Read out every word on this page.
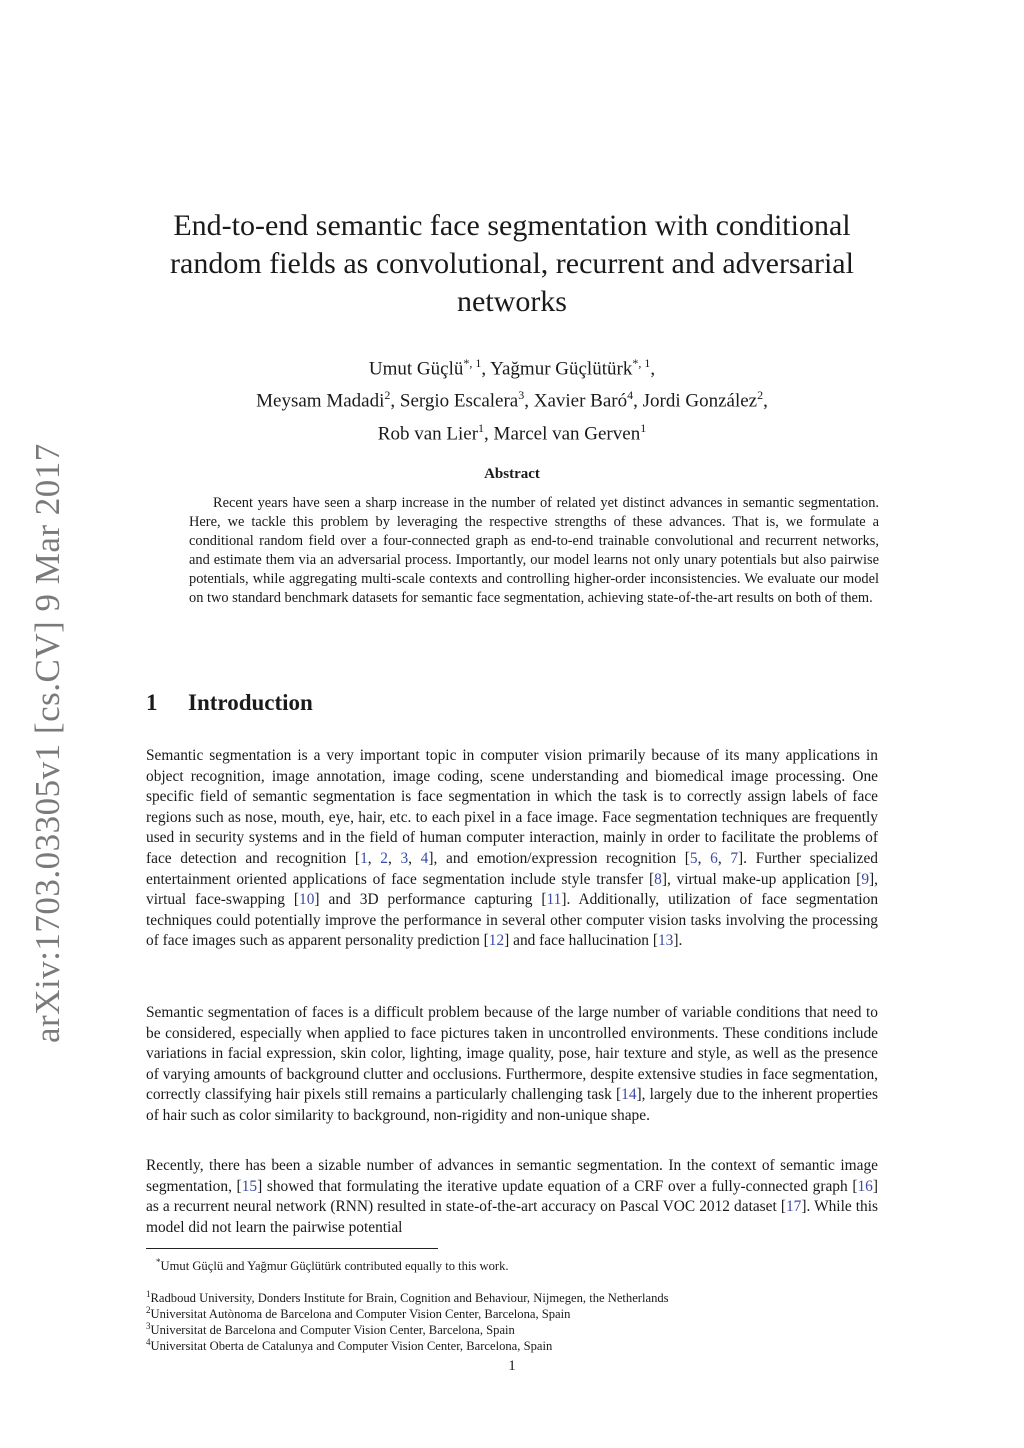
arXiv:1703.03305v1 [cs.CV] 9 Mar 2017
End-to-end semantic face segmentation with conditional
random fields as convolutional, recurrent and adversarial
networks
Umut Güçlü$^{*, 1}$, Yağmur Güçlütürk$^{*, 1}$,
Meysam Madadi$^2$, Sergio Escalera$^3$, Xavier Baró$^4$, Jordi González$^2$,
Rob van Lier$^1$, Marcel van Gerven$^1$
Abstract

Recent years have seen a sharp increase in the number of related yet distinct advances in semantic segmentation. Here, we tackle this problem by leveraging the respective strengths of these advances. That is, we formulate a conditional random field over a four-connected graph as end-to-end trainable convolutional and recurrent networks, and estimate them via an adversarial process. Importantly, our model learns not only unary potentials but also pairwise potentials, while aggregating multi-scale contexts and controlling higher-order inconsistencies. We evaluate our model on two standard benchmark datasets for semantic face segmentation, achieving state-of-the-art results on both of them.

1 Introduction

Semantic segmentation is a very important topic in computer vision primarily because of its many applications in object recognition, image annotation, image coding, scene understanding and biomedical image processing. One specific field of semantic segmentation is face segmentation in which the task is to correctly assign labels of face regions such as nose, mouth, eye, hair, etc. to each pixel in a face image. Face segmentation techniques are frequently used in security systems and in the field of human computer interaction, mainly in order to facilitate the problems of face detection and recognition [1, 2, 3, 4], and emotion/expression recognition [5, 6, 7]. Further specialized entertainment oriented applications of face segmentation include style transfer [8], virtual make-up application [9], virtual face-swapping [10] and 3D performance capturing [11]. Additionally, utilization of face segmentation techniques could potentially improve the performance in several other computer vision tasks involving the processing of face images such as apparent personality prediction [12] and face hallucination [13].

Semantic segmentation of faces is a difficult problem because of the large number of variable conditions that need to be considered, especially when applied to face pictures taken in uncontrolled environments. These conditions include variations in facial expression, skin color, lighting, image quality, pose, hair texture and style, as well as the presence of varying amounts of background clutter and occlusions. Furthermore, despite extensive studies in face segmentation, correctly classifying hair pixels still remains a particularly challenging task [14], largely due to the inherent properties of hair such as color similarity to background, non-rigidity and non-unique shape.

Recently, there has been a sizable number of advances in semantic segmentation. In the context of semantic image segmentation, [15] showed that formulating the iterative update equation of a CRF over a fully-connected graph [16] as a recurrent neural network (RNN) resulted in state-of-the-art accuracy on Pascal VOC 2012 dataset [17]. While this model did not learn the pairwise potential

*Umut Güçlü and Yağmur Güçlütürk contributed equally to this work.

$^1$Radboud University, Donders Institute for Brain, Cognition and Behaviour, Nijmegen, the Netherlands

$^2$Universitat Autònoma de Barcelona and Computer Vision Center, Barcelona, Spain

$^3$Universitat de Barcelona and Computer Vision Center, Barcelona, Spain

$^4$Universitat Oberta de Catalunya and Computer Vision Center, Barcelona, Spain

1
